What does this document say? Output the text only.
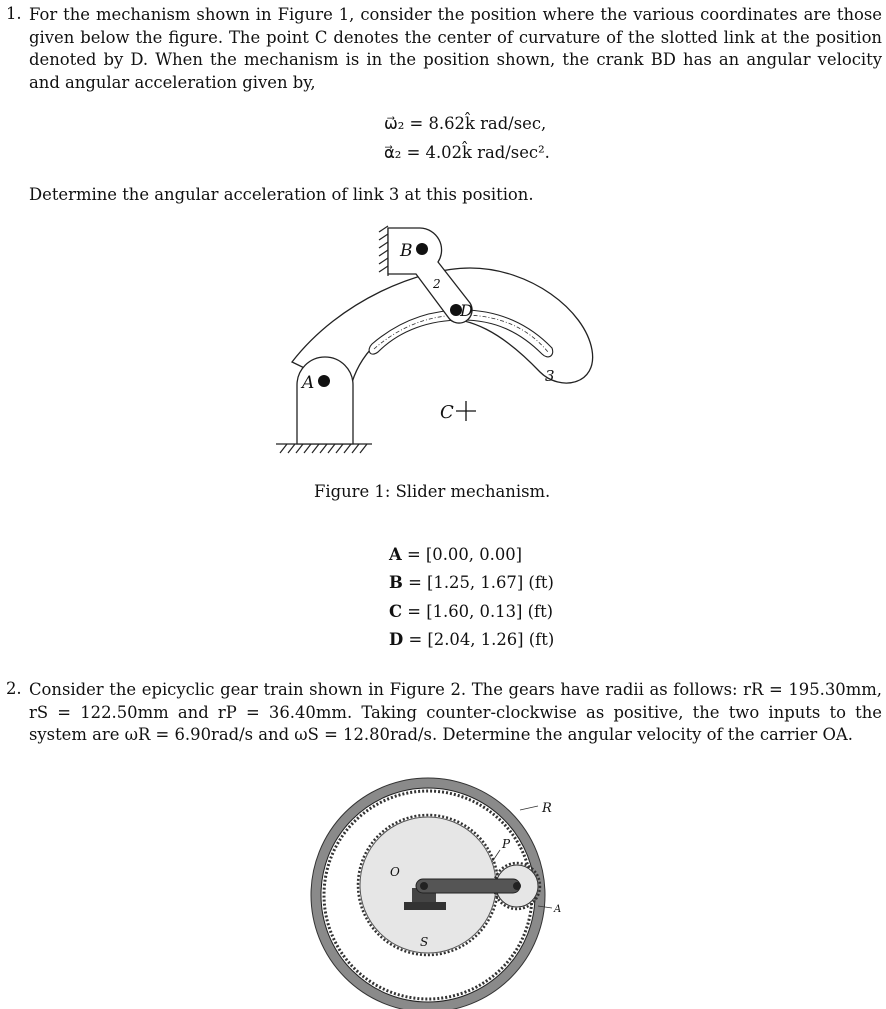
1. For the mechanism shown in Figure 1, consider the position where the various coordinates are those given below the figure. The point C denotes the center of curvature of the slotted link at the position denoted by D. When the mechanism is in the position shown, the crank BD has an angular velocity and angular acceleration given by,

ω⃗₂ = 8.62k̂ rad/sec,
α⃗₂ = 4.02k̂ rad/sec².
Determine the angular acceleration of link 3 at this position.
A
B
2
D
3
C
Figure 1: Slider mechanism.
A = [0.00, 0.00]
B = [1.25, 1.67] (ft)
C = [1.60, 0.13] (ft)
D = [2.04, 1.26] (ft)
2. Consider the epicyclic gear train shown in Figure 2. The gears have radii as follows: rR = 195.30mm, rS = 122.50mm and rP = 36.40mm. Taking counter-clockwise as positive, the two inputs to the system are ωR = 6.90rad/s and ωS = 12.80rad/s. Determine the angular velocity of the carrier OA.

R
P
O
A
S
